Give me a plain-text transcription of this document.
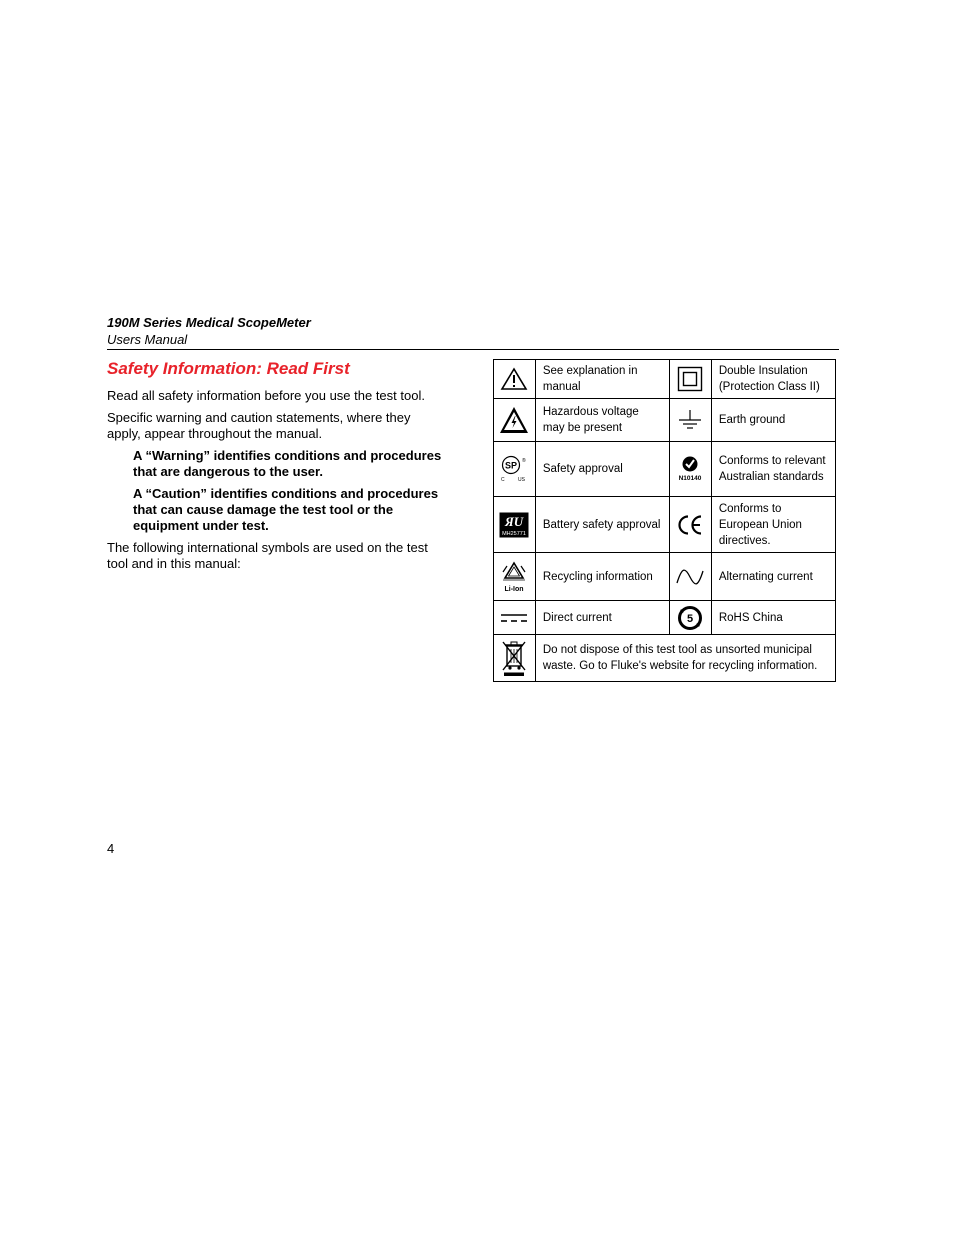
190M Series Medical ScopeMeter
Users Manual
Safety Information: Read First

Read all safety information before you use the test tool.

Specific warning and caution statements, where they apply, appear throughout the manual.

A “Warning” identifies conditions and procedures that are dangerous to the user.

A “Caution” identifies conditions and procedures that can cause damage the test tool or the equipment under test.

The following international symbols are used on the test tool and in this manual:

	See explanation in manual		Double Insulation (Protection Class II)

	Hazardous voltage may be present		Earth ground

SP
C US
®	Safety approval	N10140	Conforms to relevant Australian standards

ЯU
MH25771	Battery safety approval		Conforms to European Union directives.

Li-Ion	Recycling information		Alternating current

	Direct current	5	RoHS China

	Do not dispose of this test tool as unsorted municipal waste. Go to Fluke's website for recycling information.		
4
